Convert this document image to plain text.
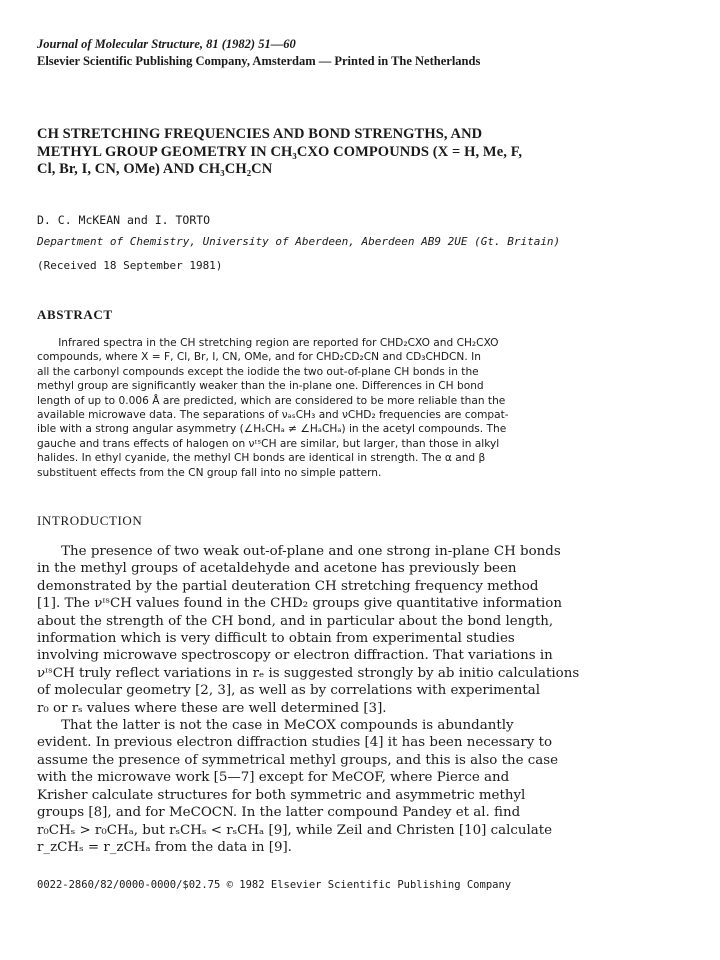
Journal of Molecular Structure, 81 (1982) 51—60
Elsevier Scientific Publishing Company, Amsterdam — Printed in The Netherlands
CH STRETCHING FREQUENCIES AND BOND STRENGTHS, AND
METHYL GROUP GEOMETRY IN CH₃CXO COMPOUNDS (X = H, Me, F,
Cl, Br, I, CN, OMe) AND CH₃CH₂CN
D. C. McKEAN and I. TORTO
Department of Chemistry, University of Aberdeen, Aberdeen AB9 2UE (Gt. Britain)
(Received 18 September 1981)
ABSTRACT
Infrared spectra in the CH stretching region are reported for CHD₂CXO and CH₂CXO
compounds, where X = F, Cl, Br, I, CN, OMe, and for CHD₂CD₂CN and CD₃CHDCN. In
all the carbonyl compounds except the iodide the two out-of-plane CH bonds in the
methyl group are significantly weaker than the in-plane one. Differences in CH bond
length of up to 0.006 Å are predicted, which are considered to be more reliable than the
available microwave data. The separations of νₐₛCH₃ and νCHD₂ frequencies are compat-
ible with a strong angular asymmetry (∠HₛCHₐ ≠ ∠HₐCHₐ) in the acetyl compounds. The
gauche and trans effects of halogen on νᶦˢCH are similar, but larger, than those in alkyl
halides. In ethyl cyanide, the methyl CH bonds are identical in strength. The α and β
substituent effects from the CN group fall into no simple pattern.
INTRODUCTION
The presence of two weak out-of-plane and one strong in-plane CH bonds
in the methyl groups of acetaldehyde and acetone has previously been
demonstrated by the partial deuteration CH stretching frequency method
[1]. The νᶦˢCH values found in the CHD₂ groups give quantitative information
about the strength of the CH bond, and in particular about the bond length,
information which is very difficult to obtain from experimental studies
involving microwave spectroscopy or electron diffraction. That variations in
νᶦˢCH truly reflect variations in rₑ is suggested strongly by ab initio calculations
of molecular geometry [2, 3], as well as by correlations with experimental
r₀ or rₛ values where these are well determined [3].
That the latter is not the case in MeCOX compounds is abundantly
evident. In previous electron diffraction studies [4] it has been necessary to
assume the presence of symmetrical methyl groups, and this is also the case
with the microwave work [5—7] except for MeCOF, where Pierce and
Krisher calculate structures for both symmetric and asymmetric methyl
groups [8], and for MeCOCN. In the latter compound Pandey et al. find
r₀CHₛ > r₀CHₐ, but rₛCHₛ < rₛCHₐ [9], while Zeil and Christen [10] calculate
r_zCHₛ = r_zCHₐ from the data in [9].
0022-2860/82/0000-0000/$02.75 © 1982 Elsevier Scientific Publishing Company
